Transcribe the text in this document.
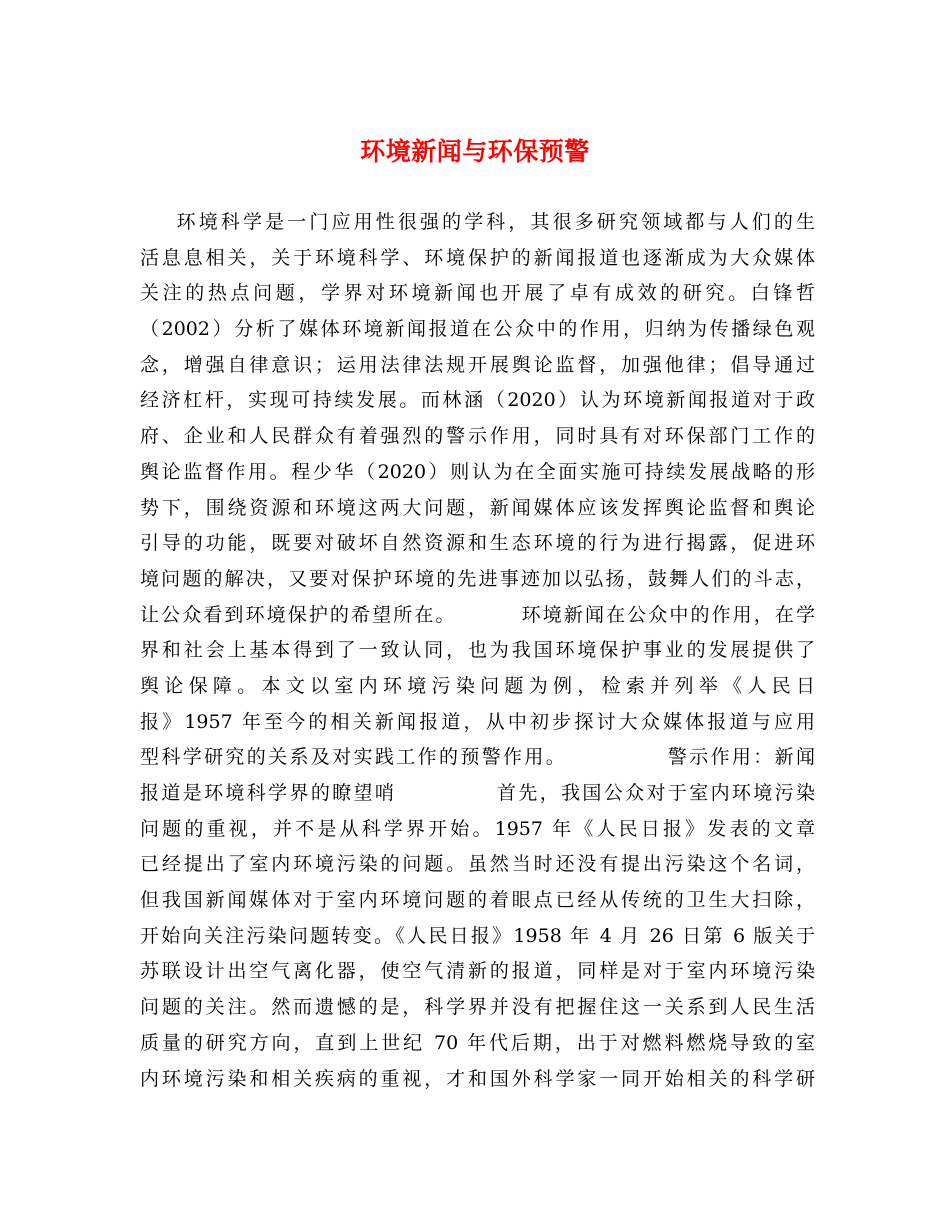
环境新闻与环保预警
环境科学是一门应用性很强的学科，其很多研究领域都与人们的生
活息息相关，关于环境科学、环境保护的新闻报道也逐渐成为大众媒体
关注的热点问题，学界对环境新闻也开展了卓有成效的研究。白锋哲
（2002）分析了媒体环境新闻报道在公众中的作用，归纳为传播绿色观
念，增强自律意识；运用法律法规开展舆论监督，加强他律；倡导通过
经济杠杆，实现可持续发展。而林涵（2020）认为环境新闻报道对于政
府、企业和人民群众有着强烈的警示作用，同时具有对环保部门工作的
舆论监督作用。程少华（2020）则认为在全面实施可持续发展战略的形
势下，围绕资源和环境这两大问题，新闻媒体应该发挥舆论监督和舆论
引导的功能，既要对破坏自然资源和生态环境的行为进行揭露，促进环
境问题的解决，又要对保护环境的先进事迹加以弘扬，鼓舞人们的斗志，
让公众看到环境保护的希望所在。        环境新闻在公众中的作用，在学
界和社会上基本得到了一致认同，也为我国环境保护事业的发展提供了
舆论保障。本文以室内环境污染问题为例，检索并列举《人民日
报》1957 年至今的相关新闻报道，从中初步探讨大众媒体报道与应用
型科学研究的关系及对实践工作的预警作用。            警示作用：新闻
报道是环境科学界的瞭望哨            首先，我国公众对于室内环境污染
问题的重视，并不是从科学界开始。1957 年《人民日报》发表的文章
已经提出了室内环境污染的问题。虽然当时还没有提出污染这个名词，
但我国新闻媒体对于室内环境问题的着眼点已经从传统的卫生大扫除，
开始向关注污染问题转变。《人民日报》1958 年 4 月 26 日第 6 版关于
苏联设计出空气离化器，使空气清新的报道，同样是对于室内环境污染
问题的关注。然而遗憾的是，科学界并没有把握住这一关系到人民生活
质量的研究方向，直到上世纪 70 年代后期，出于对燃料燃烧导致的室
内环境污染和相关疾病的重视，才和国外科学家一同开始相关的科学研
